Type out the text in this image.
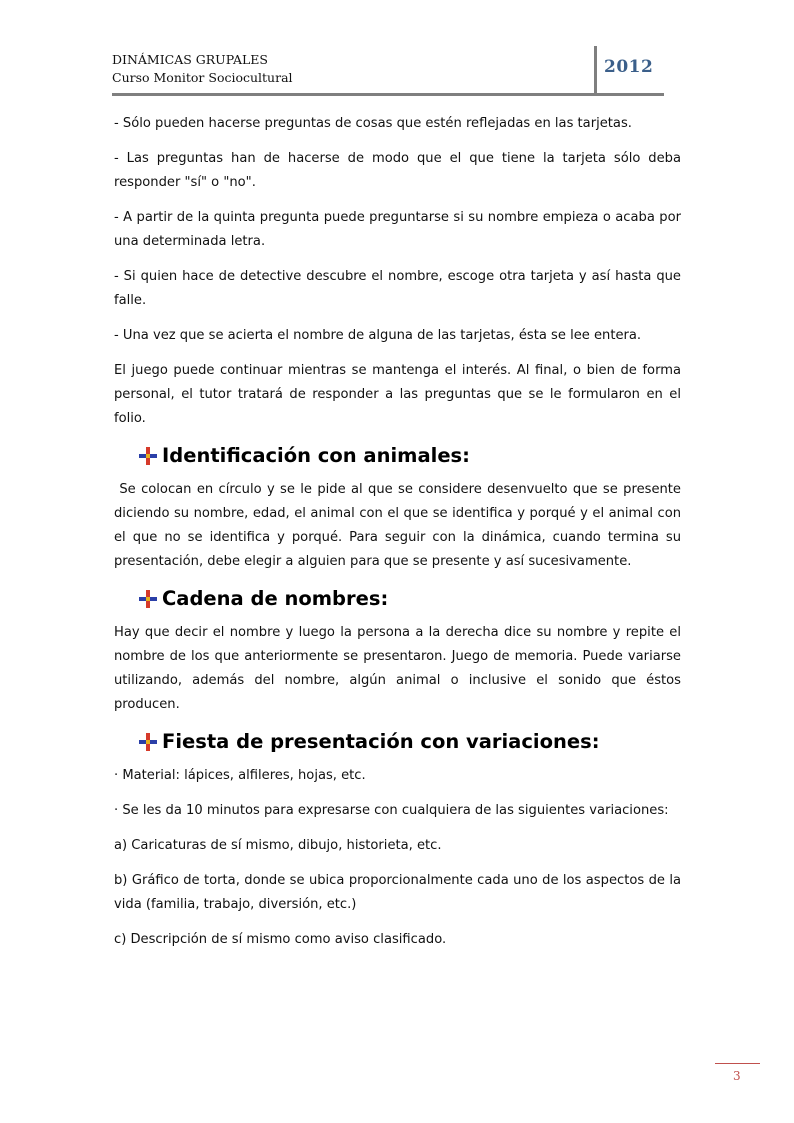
DINÁMICAS GRUPALES
Curso Monitor Sociocultural
2012

- Sólo pueden hacerse preguntas de cosas que estén reflejadas en las tarjetas.

- Las preguntas han de hacerse de modo que el que tiene la tarjeta sólo deba responder "sí" o "no".

- A partir de la quinta pregunta puede preguntarse si su nombre empieza o acaba por una determinada letra.

- Si quien hace de detective descubre el nombre, escoge otra tarjeta y así hasta que falle.

- Una vez que se acierta el nombre de alguna de las tarjetas, ésta se lee entera.

El juego puede continuar mientras se mantenga el interés. Al final, o bien de forma personal, el tutor tratará de responder a las preguntas que se le formularon en el folio.

Identificación con animales:

Se colocan en círculo y se le pide al que se considere desenvuelto que se presente diciendo su nombre, edad, el animal con el que se identifica y porqué y el animal con el que no se identifica y porqué. Para seguir con la dinámica, cuando termina su presentación, debe elegir a alguien para que se presente y así sucesivamente.

Cadena de nombres:

Hay que decir el nombre y luego la persona a la derecha dice su nombre y repite el nombre de los que anteriormente se presentaron. Juego de memoria. Puede variarse utilizando, además del nombre, algún animal o inclusive el sonido que éstos producen.

Fiesta de presentación con variaciones:

· Material: lápices, alfileres, hojas, etc.

· Se les da 10 minutos para expresarse con cualquiera de las siguientes variaciones:

a) Caricaturas de sí mismo, dibujo, historieta, etc.

b) Gráfico de torta, donde se ubica proporcionalmente cada uno de los aspectos de la vida (familia, trabajo, diversión, etc.)

c) Descripción de sí mismo como aviso clasificado.

3
